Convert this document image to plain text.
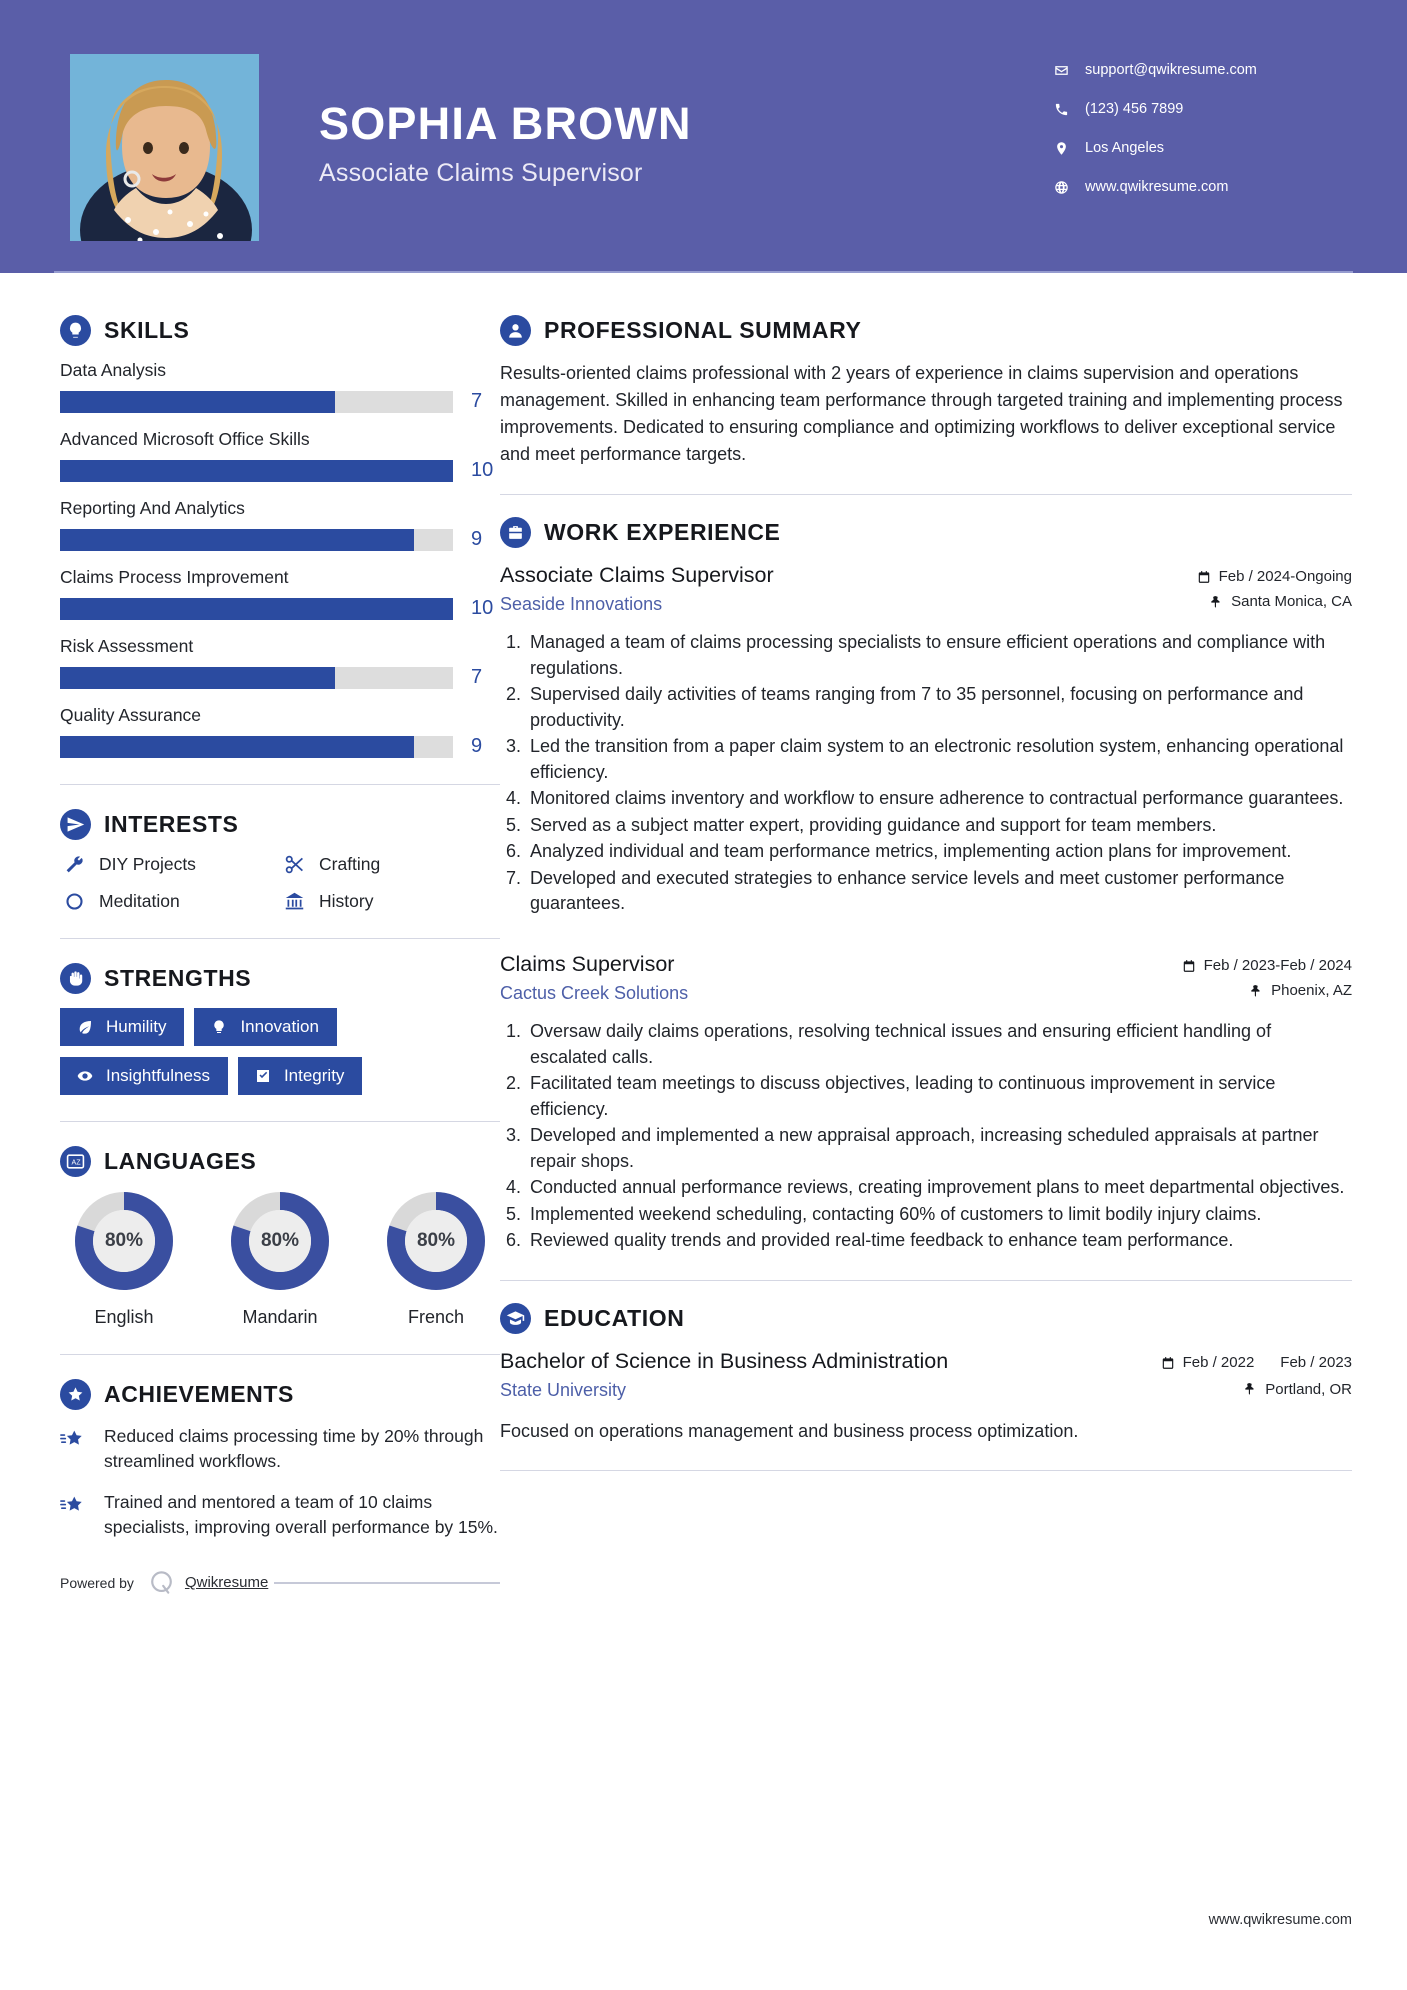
SOPHIA BROWN
Associate Claims Supervisor
support@qwikresume.com
(123) 456 7899
Los Angeles
www.qwikresume.com
SKILLS
Data Analysis
7
Advanced Microsoft Office Skills
10
Reporting And Analytics
9
Claims Process Improvement
10
Risk Assessment
7
Quality Assurance
9
INTERESTS
DIY Projects	Crafting
Meditation	History
STRENGTHS
Humility	Innovation
Insightfulness	Integrity
A Z LANGUAGES
80%
English
80%
Mandarin
80%
French
ACHIEVEMENTS
Reduced claims processing time by 20% through streamlined workflows.
Trained and mentored a team of 10 claims specialists, improving overall performance by 15%.
Powered by	Qwikresume
PROFESSIONAL SUMMARY
Results-oriented claims professional with 2 years of experience in claims supervision and operations management. Skilled in enhancing team performance through targeted training and implementing process improvements. Dedicated to ensuring compliance and optimizing workflows to deliver exceptional service and meet performance targets.
WORK EXPERIENCE
Associate Claims Supervisor
Seaside Innovations
Feb / 2024-Ongoing
Santa Monica, CA
1. Managed a team of claims processing specialists to ensure efficient operations and compliance with regulations.
2. Supervised daily activities of teams ranging from 7 to 35 personnel, focusing on performance and productivity.
3. Led the transition from a paper claim system to an electronic resolution system, enhancing operational efficiency.
4. Monitored claims inventory and workflow to ensure adherence to contractual performance guarantees.
5. Served as a subject matter expert, providing guidance and support for team members.
6. Analyzed individual and team performance metrics, implementing action plans for improvement.
7. Developed and executed strategies to enhance service levels and meet customer performance guarantees.
Claims Supervisor
Cactus Creek Solutions
Feb / 2023-Feb / 2024
Phoenix, AZ
1. Oversaw daily claims operations, resolving technical issues and ensuring efficient handling of escalated calls.
2. Facilitated team meetings to discuss objectives, leading to continuous improvement in service efficiency.
3. Developed and implemented a new appraisal approach, increasing scheduled appraisals at partner repair shops.
4. Conducted annual performance reviews, creating improvement plans to meet departmental objectives.
5. Implemented weekend scheduling, contacting 60% of customers to limit bodily injury claims.
6. Reviewed quality trends and provided real-time feedback to enhance team performance.
EDUCATION
Bachelor of Science in Business Administration
State University
Feb / 2022 Feb / 2023
Portland, OR
Focused on operations management and business process optimization.
www.qwikresume.com
